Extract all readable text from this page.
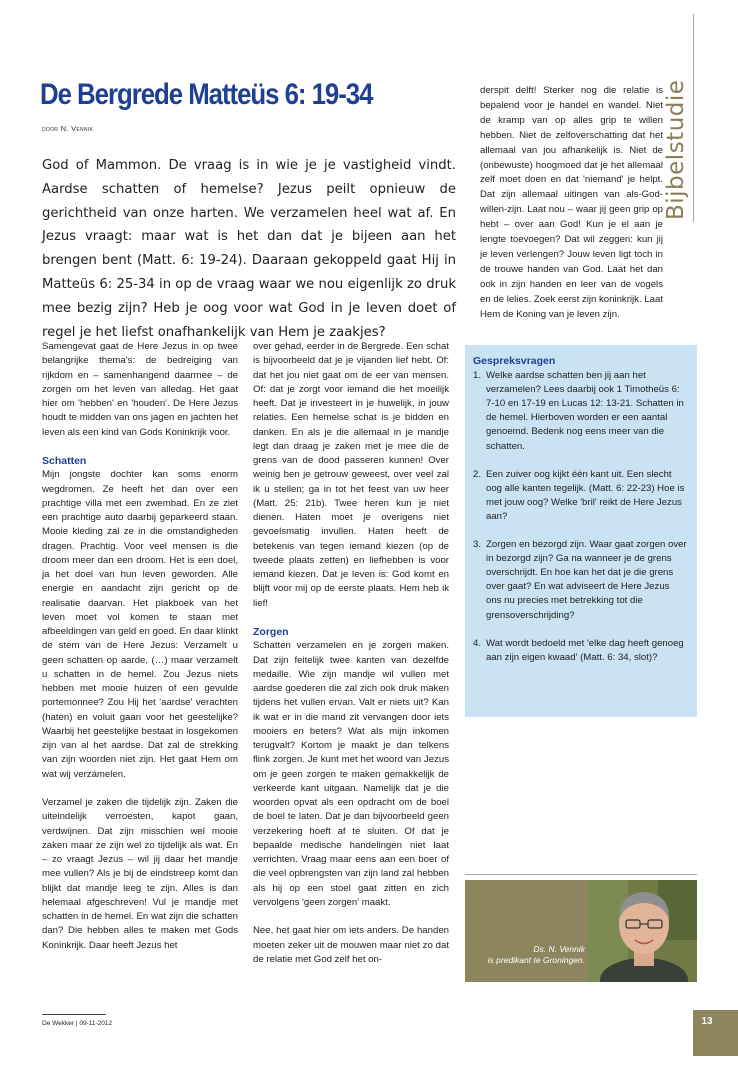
De Bergrede Matteüs 6: 19-34
door N. Vennik

God of Mammon. De vraag is in wie je je vastigheid vindt. Aardse schatten of hemelse? Jezus peilt opnieuw de gerichtheid van onze harten. We verzamelen heel wat af. En Jezus vraagt: maar wat is het dan dat je bijeen aan het brengen bent (Matt. 6: 19-24). Daaraan gekoppeld gaat Hij in Matteüs 6: 25-34 in op de vraag waar we nou eigenlijk zo druk mee bezig zijn? Heb je oog voor wat God in je leven doet of regel je het liefst onafhankelijk van Hem je zaakjes?

derspit delft! Sterker nog die relatie is bepalend voor je handel en wandel. Niet de kramp van op alles grip te willen hebben. Niet de zelfoverschatting dat het allemaal van jou afhankelijk is. Niet de (onbewuste) hoogmoed dat je het allemaal zelf moet doen en dat 'niemand' je helpt. Dat zijn allemaal uitingen van als-God-willen-zijn. Laat nou – waar jij geen grip op hebt – over aan God! Kun je el aan je lengte toevoegen? Dat wil zeggen: kun jij je leven verlengen? Jouw leven ligt toch in de trouwe handen van God. Laat het dan ook in zijn handen en leer van de vogels en de lelies. Zoek eerst zijn koninkrijk. Laat Hem de Koning van je leven zijn.

Bijbelstudie

Samengevat gaat de Here Jezus in op twee belangrijke thema's: de bedreiging van rijkdom en – samenhangend daarmee – de zorgen om het leven van alledag. Het gaat hier om 'hebben' en 'houden'. De Here Jezus houdt te midden van ons jagen en jachten het leven als een kind van Gods Koninkrijk voor.

Schatten

Mijn jongste dochter kan soms enorm wegdromen. Ze heeft het dan over een prachtige villa met een zwembad. En ze ziet een prachtige auto daarbij geparkeerd staan. Mooie kleding zal ze in die omstandigheden dragen. Prachtig. Voor veel mensen is die droom meer dan een droom. Het is een doel, ja het doel van hun leven geworden. Alle energie en aandacht zijn gericht op de realisatie daarvan. Het plakboek van het leven moet vol komen te staan met afbeeldingen van geld en goed. En daar klinkt de stem van de Here Jezus: Verzamelt u geen schatten op aarde, (…) maar verzamelt u schatten in de hemel. Zou Jezus niets hebben met mooie huizen of een gevulde portemonnee? Zou Hij het 'aardse' verachten (haten) en voluit gaan voor het geestelijke? Waarbij het geestelijke bestaat in losgekomen zijn van al het aardse. Dat zal de strekking van zijn woorden niet zijn. Het gaat Hem om wat wij verzámelen.

Verzamel je zaken die tijdelijk zijn. Zaken die uiteindelijk verroesten, kapot gaan, verdwijnen. Dat zijn misschien wel mooie zaken maar ze zijn wel zo tijdelijk als wat. En – zo vraagt Jezus – wil jij daar het mandje mee vullen? Als je bij de eindstreep komt dan blijkt dat mandje leeg te zijn. Alles is dan helemaal afgeschreven! Vul je mandje met schatten in de hemel. En wat zijn die schatten dan? Die hebben alles te maken met Gods Koninkrijk. Daar heeft Jezus het

over gehad, eerder in de Bergrede. Een schat is bijvoorbeeld dat je je vijanden lief hebt. Of: dat het jou niet gaat om de eer van mensen. Of: dat je zorgt voor iemand die het moeilijk heeft. Dat je investeert in je huwelijk, in jouw relaties. Een hemelse schat is je bidden en danken. En als je die allemaal in je mandje legt dan draag je zaken met je mee die de grens van de dood passeren kunnen! Over weinig ben je getrouw geweest, over veel zal ik u stellen; ga in tot het feest van uw heer (Matt. 25: 21b). Twee heren kun je niet dienen. Haten moet je overigens niet gevoelsmatig invullen. Haten heeft de betekenis van tegen iemand kiezen (op de tweede plaats zetten) en liefhebben is voor iemand kiezen. Dat je leven is: God komt en blijft voor mij op de eerste plaats. Hem heb ik lief!

Zorgen

Schatten verzamelen en je zorgen maken. Dat zijn feitelijk twee kanten van dezelfde medaille. Wie zijn mandje wil vullen met aardse goederen die zal zich ook druk maken tijdens het vullen ervan. Valt er niets uit? Kan ik wat er in die mand zit vervangen door iets mooiers en beters? Wat als mijn inkomen terugvalt? Kortom je maakt je dan telkens flink zorgen. Je kunt met het woord van Jezus om je geen zorgen te maken gemakkelijk de verkeerde kant uitgaan. Namelijk dat je die woorden opvat als een opdracht om de boel de boel te laten. Dat je dan bijvoorbeeld geen verzekering hoeft af te sluiten. Of dat je bepaalde medische handelingen niet laat verrichten. Vraag maar eens aan een boer of die veel opbrengsten van zijn land zal hebben als hij op een stoel gaat zitten en zich vervolgens 'geen zorgen' maakt.

Nee, het gaat hier om iets anders. De handen moeten zeker uit de mouwen maar niet zo dat de relatie met God zelf het on-

Gespreksvragen
1. Welke aardse schatten ben jij aan het verzamelen? Lees daarbij ook 1 Timotheüs 6: 7-10 en 17-19 en Lucas 12: 13-21. Schatten in de hemel. Hierboven worden er een aantal genoemd. Bedenk nog eens meer van die schatten.
2. Een zuiver oog kijkt één kant uit. Een slecht oog alle kanten tegelijk. (Matt. 6: 22-23) Hoe is met jouw oog? Welke 'bril' reikt de Here Jezus aan?
3. Zorgen en bezorgd zijn. Waar gaat zorgen over in bezorgd zijn? Ga na wanneer je de grens overschrijdt. En hoe kan het dat je die grens over gaat? En wat adviseert de Here Jezus ons nu precies met betrekking tot die grensoverschrijding?
4. Wat wordt bedoeld met 'elke dag heeft genoeg aan zijn eigen kwaad' (Matt. 6: 34, slot)?
Ds. N. Vennik
is predikant te Groningen.
De Wekker | 09-11-2012	13
